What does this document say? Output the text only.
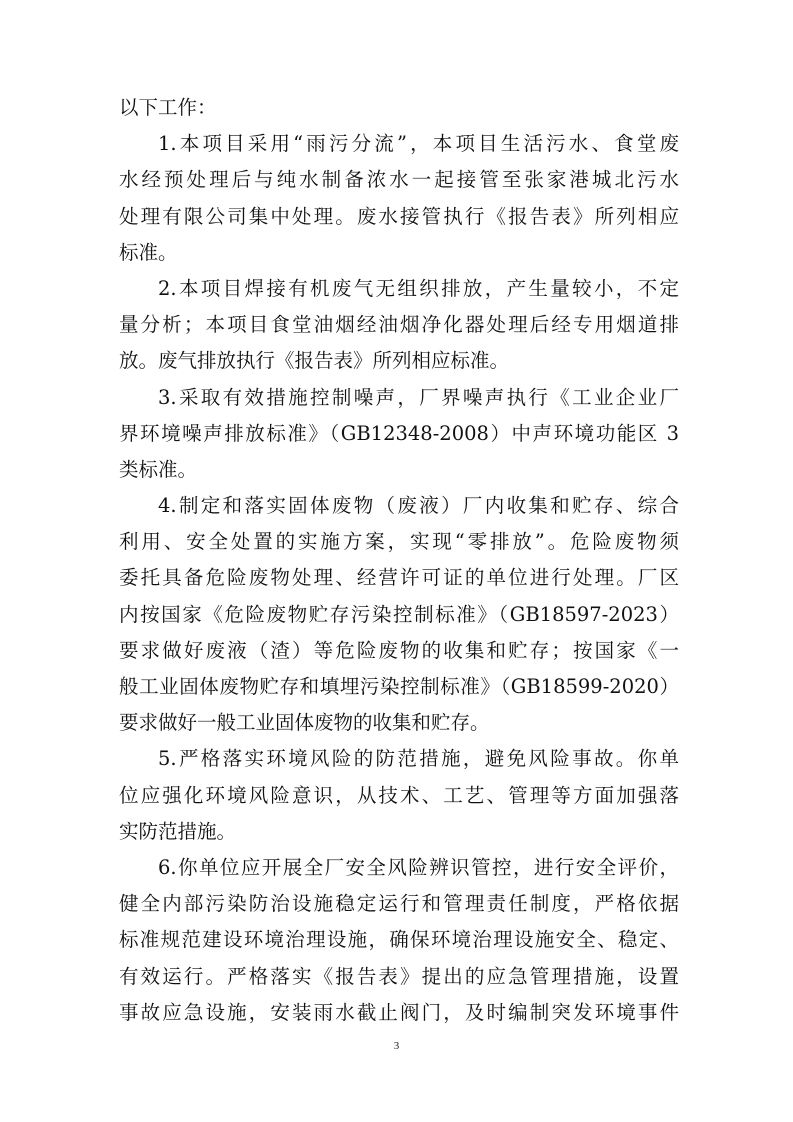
以下工作：
1.本项目采用“雨污分流”，本项目生活污水、食堂废
水经预处理后与纯水制备浓水一起接管至张家港城北污水
处理有限公司集中处理。废水接管执行《报告表》所列相应
标准。
2.本项目焊接有机废气无组织排放，产生量较小，不定
量分析；本项目食堂油烟经油烟净化器处理后经专用烟道排
放。废气排放执行《报告表》所列相应标准。
3.采取有效措施控制噪声，厂界噪声执行《工业企业厂
界环境噪声排放标准》（GB12348-2008）中声环境功能区 3
类标准。
4.制定和落实固体废物（废液）厂内收集和贮存、综合
利用、安全处置的实施方案，实现“零排放”。危险废物须
委托具备危险废物处理、经营许可证的单位进行处理。厂区
内按国家《危险废物贮存污染控制标准》（GB18597-2023）
要求做好废液（渣）等危险废物的收集和贮存；按国家《一
般工业固体废物贮存和填埋污染控制标准》（GB18599-2020）
要求做好一般工业固体废物的收集和贮存。
5.严格落实环境风险的防范措施，避免风险事故。你单
位应强化环境风险意识，从技术、工艺、管理等方面加强落
实防范措施。
6.你单位应开展全厂安全风险辨识管控，进行安全评价，
健全内部污染防治设施稳定运行和管理责任制度，严格依据
标准规范建设环境治理设施，确保环境治理设施安全、稳定、
有效运行。严格落实《报告表》提出的应急管理措施，设置
事故应急设施，安装雨水截止阀门，及时编制突发环境事件
3
